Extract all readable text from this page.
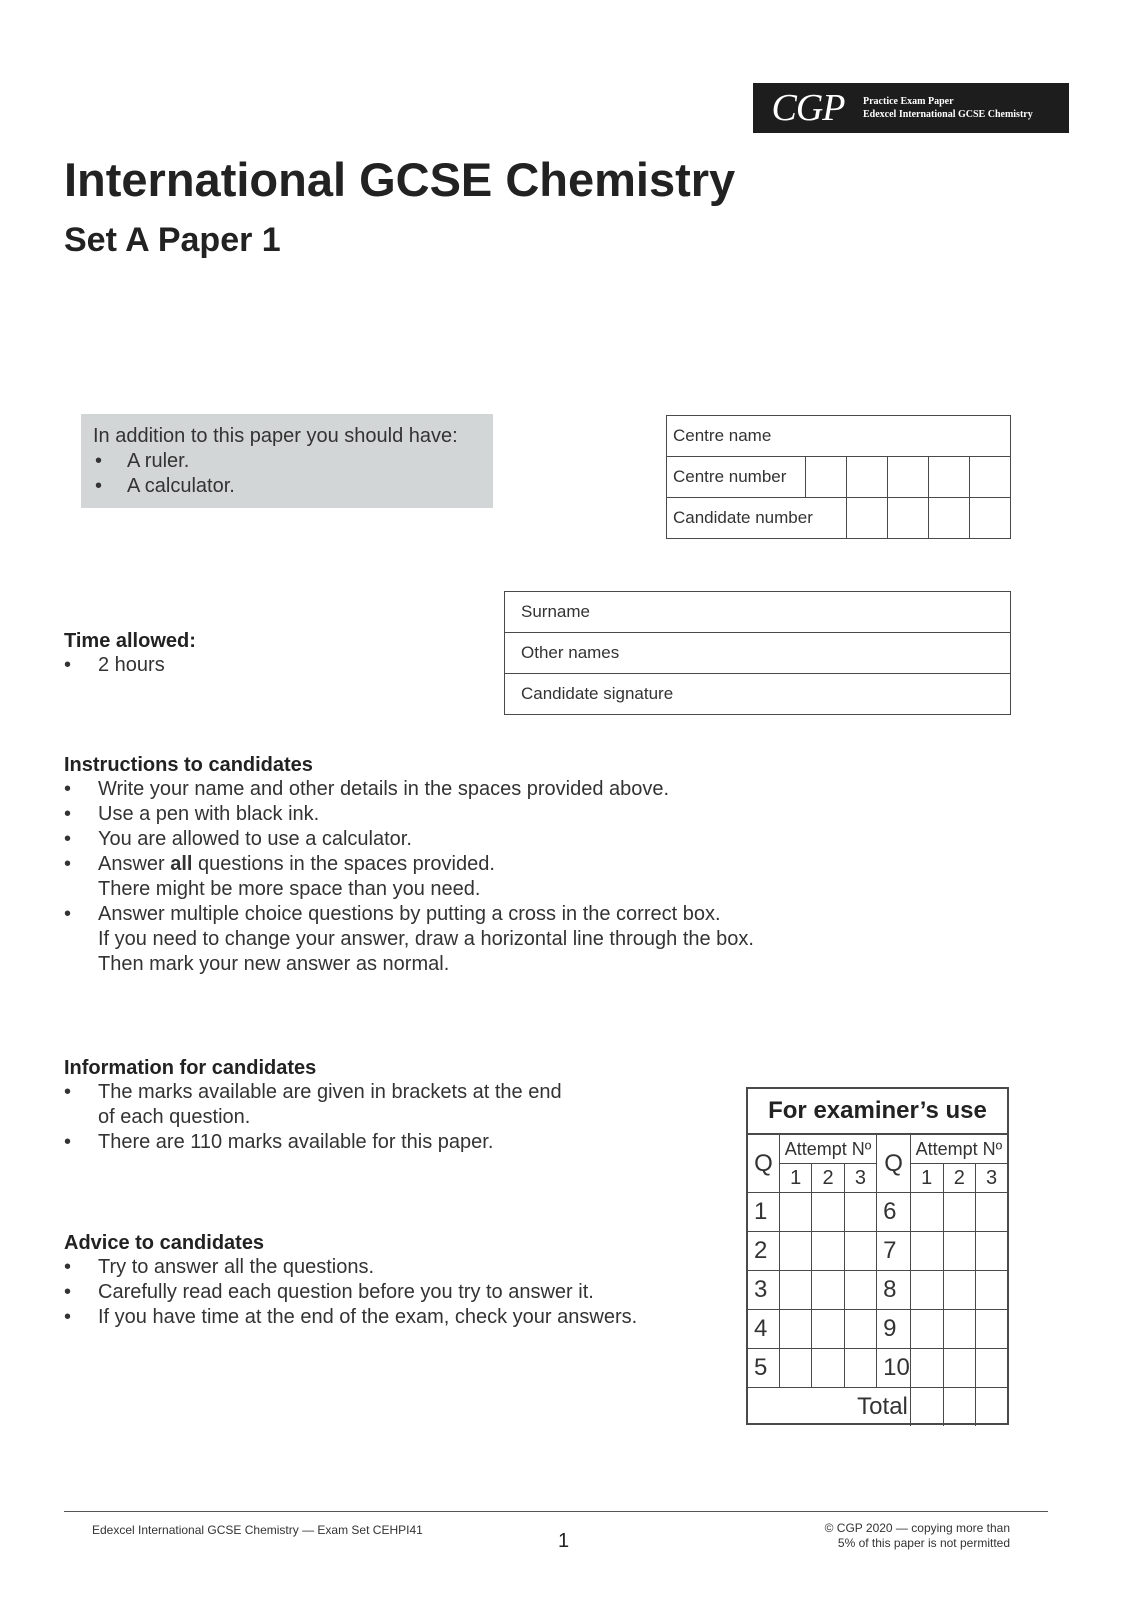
CGP	Practice Exam Paper
Edexcel International GCSE Chemistry
International GCSE Chemistry
Set A Paper 1
In addition to this paper you should have:
• A ruler.
• A calculator.
Centre name					
Centre number					
Candidate number					
Surname
Other names
Candidate signature
Time allowed:
• 2 hours
Instructions to candidates
• Write your name and other details in the spaces provided above.
• Use a pen with black ink.
• You are allowed to use a calculator.
• Answer all questions in the spaces provided.
There might be more space than you need.
• Answer multiple choice questions by putting a cross in the correct box.
If you need to change your answer, draw a horizontal line through the box.
Then mark your new answer as normal.
Information for candidates
• The marks available are given in brackets at the end
of each question.
• There are 110 marks available for this paper.
Advice to candidates
• Try to answer all the questions.
• Carefully read each question before you try to answer it.
• If you have time at the end of the exam, check your answers.
For examiner’s use
Q	Attempt Nº			Q	Attempt Nº		
	1	2	3		1	2	3
1				6			
2				7			
3				8			
4				9			
5				10			
Total							
Edexcel International GCSE Chemistry — Exam Set CEHPI41	1
© CGP 2020 — copying more than
5% of this paper is not permitted
